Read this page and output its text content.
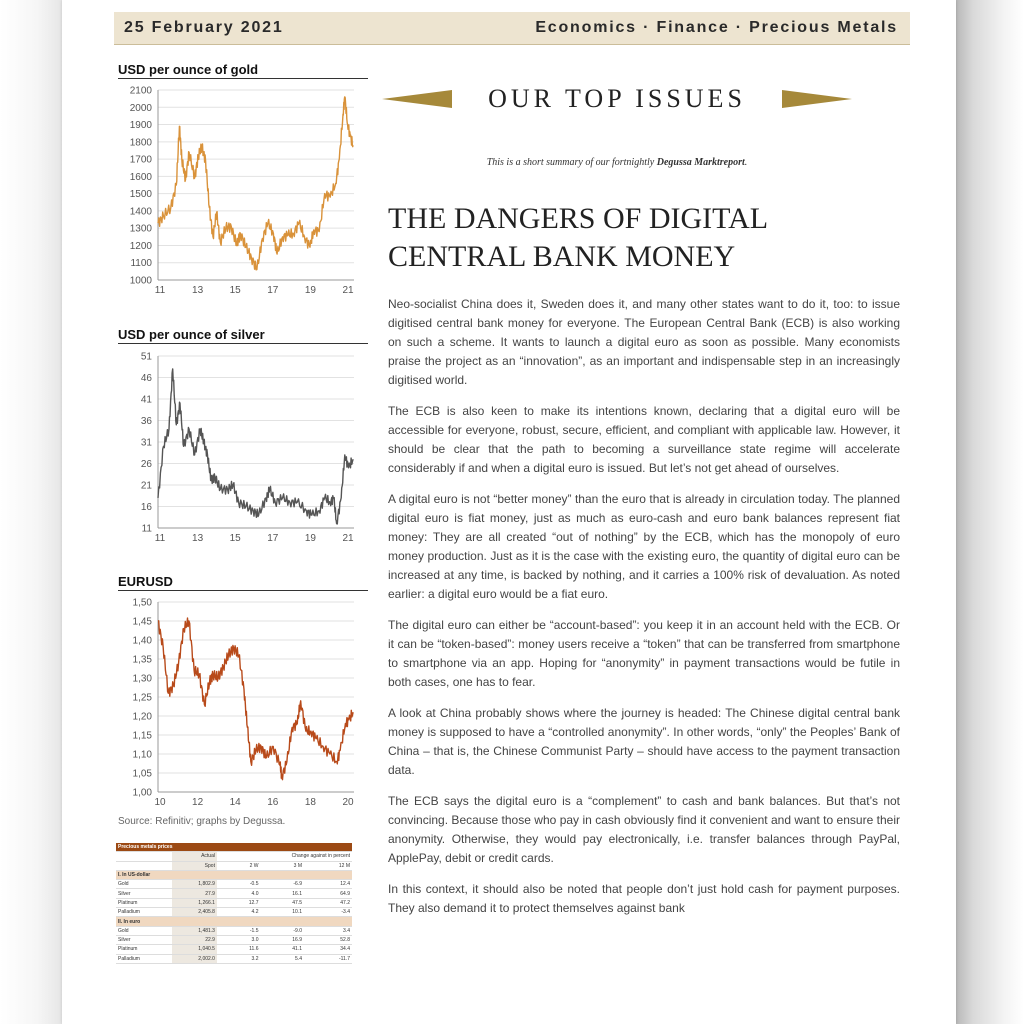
25 February 2021	Economics · Finance · Precious Metals
USD per ounce of gold
2100
2000
1900
1800
1700
1600
1500
1400
1300
1200
1100
1000
11	13	15	17	19	21
USD per ounce of silver
51
46
41
36
31
26
21
16
11
11	13	15	17	19	21
EURUSD
1,50
1,45
1,40
1,35
1,30
1,25
1,20
1,15
1,10
1,05
1,00
10	12	14	16	18	20
Source: Refinitiv; graphs by Degussa.
Precious metals prices				
	Actual	Change against in percent		
	Spot	2 W	3 M	12 M
I. In US-dollar				
Gold	1,802.9	-0.5	-6.9	12.4
Silver	27.9	4.0	16.1	64.9
Platinum	1,266.1	12.7	47.5	47.2
Palladium	2,405.8	4.2	10.1	-3.4
II. In euro				
Gold	1,481.3	-1.5	-9.0	3.4
Silver	22.9	3.0	16.9	52.8
Platinum	1,040.5	11.6	41.1	34.4
Palladium	2,002.0	3.2	5.4	-11.7
OUR TOP ISSUES
This is a short summary of our fortnightly Degussa Marktreport.
THE DANGERS OF DIGITAL CENTRAL BANK MONEY

Neo-socialist China does it, Sweden does it, and many other states want to do it, too: to issue digitised central bank money for everyone. The European Central Bank (ECB) is also working on such a scheme. It wants to launch a digital euro as soon as possible. Many economists praise the project as an “innovation”, as an important and indispensable step in an increasingly digitised world.

The ECB is also keen to make its intentions known, declaring that a digital euro will be accessible for everyone, robust, secure, efficient, and compliant with applicable law. However, it should be clear that the path to becoming a surveillance state regime will accelerate considerably if and when a digital euro is issued. But let’s not get ahead of ourselves.

A digital euro is not “better money” than the euro that is already in circulation today. The planned digital euro is fiat money, just as much as euro-cash and euro bank balances represent fiat money: They are all created “out of nothing” by the ECB, which has the monopoly of euro money production. Just as it is the case with the existing euro, the quantity of digital euro can be increased at any time, is backed by nothing, and it carries a 100% risk of devaluation. As noted earlier: a digital euro would be a fiat euro.

The digital euro can either be “account-based”: you keep it in an account held with the ECB. Or it can be “token-based”: money users receive a “token” that can be transferred from smartphone to smartphone via an app. Hoping for “anonymity” in payment transactions would be futile in both cases, one has to fear.

A look at China probably shows where the journey is headed: The Chinese digital central bank money is supposed to have a “controlled anonymity”. In other words, “only” the Peoples’ Bank of China – that is, the Chinese Communist Party – should have access to the payment transaction data.

The ECB says the digital euro is a “complement” to cash and bank balances. But that’s not convincing. Because those who pay in cash obviously find it convenient and want to ensure their anonymity. Otherwise, they would pay electronically, i.e. transfer balances through PayPal, ApplePay, debit or credit cards.

In this context, it should also be noted that people don’t just hold cash for payment purposes. They also demand it to protect themselves against bank
